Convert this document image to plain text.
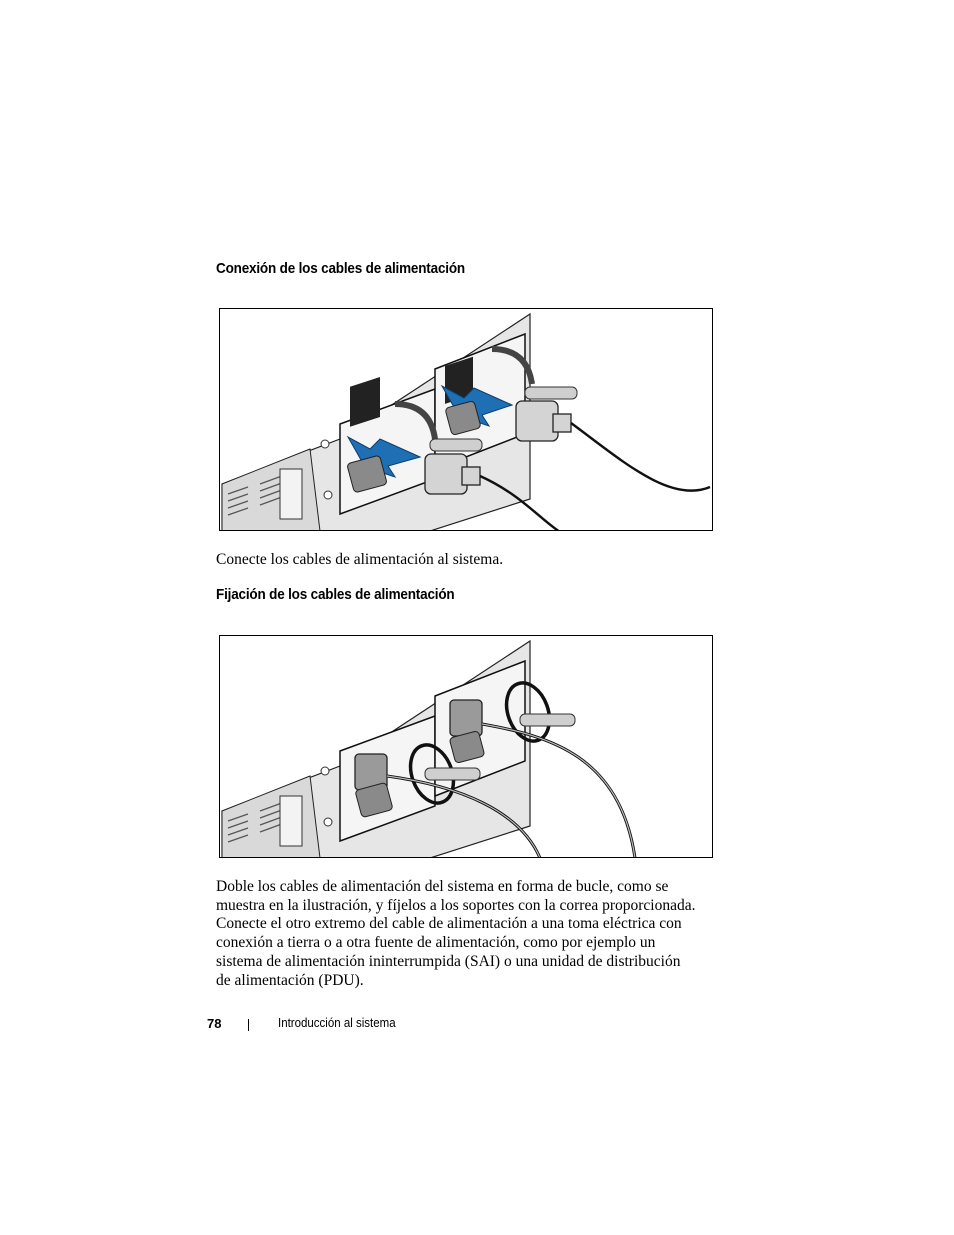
Conexión de los cables de alimentación

Conecte los cables de alimentación al sistema.

Fijación de los cables de alimentación
Doble los cables de alimentación del sistema en forma de bucle, como se
muestra en la ilustración, y fíjelos a los soportes con la correa proporcionada.
Conecte el otro extremo del cable de alimentación a una toma eléctrica con
conexión a tierra o a otra fuente de alimentación, como por ejemplo un
sistema de alimentación ininterrumpida (SAI) o una unidad de distribución
de alimentación (PDU).
78	Introducción al sistema
